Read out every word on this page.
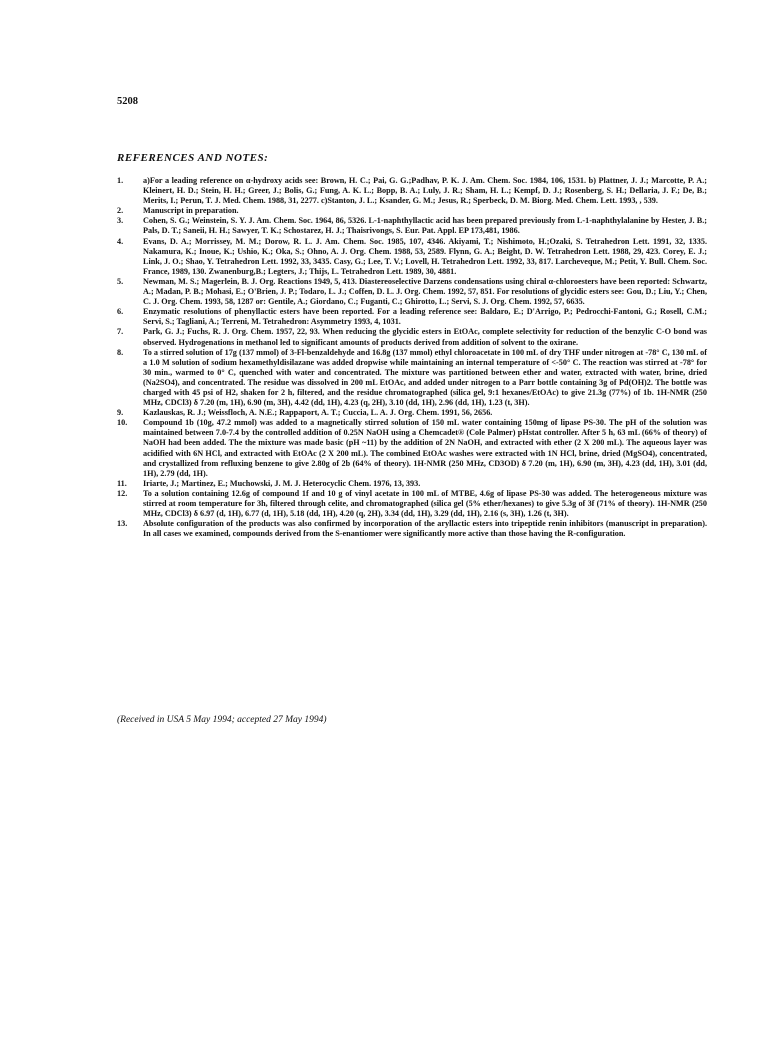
5208
REFERENCES AND NOTES:
1.	a)For a leading reference on α-hydroxy acids see: Brown, H. C.; Pai, G. G.;Padhav, P. K. J. Am. Chem. Soc. 1984, 106, 1531. b) Plattner, J. J.; Marcotte, P. A.; Kleinert, H. D.; Stein, H. H.; Greer, J.; Bolis, G.; Fung, A. K. L.; Bopp, B. A.; Luly, J. R.; Sham, H. L.; Kempf, D. J.; Rosenberg, S. H.; Dellaria, J. F.; De, B.; Merits, I.; Perun, T. J. Med. Chem. 1988, 31, 2277. c)Stanton, J. L.; Ksander, G. M.; Jesus, R.; Sperbeck, D. M. Biorg. Med. Chem. Lett. 1993, , 539.
2.	Manuscript in preparation.
3.	Cohen, S. G.; Weinstein, S. Y. J. Am. Chem. Soc. 1964, 86, 5326. L-1-naphthyllactic acid has been prepared previously from L-1-naphthylalanine by Hester, J. B.; Pals, D. T.; Saneii, H. H.; Sawyer, T. K.; Schostarez, H. J.; Thaisrivongs, S. Eur. Pat. Appl. EP 173,481, 1986.
4.	Evans, D. A.; Morrissey, M. M.; Dorow, R. L. J. Am. Chem. Soc. 1985, 107, 4346. Akiyami, T.; Nishimoto, H.;Ozaki, S. Tetrahedron Lett. 1991, 32, 1335. Nakamura, K.; Inoue, K.; Ushio, K.; Oka, S.; Ohno, A. J. Org. Chem. 1988, 53, 2589. Flynn, G. A.; Beight, D. W. Tetrahedron Lett. 1988, 29, 423. Corey, E. J.; Link, J. O.; Shao, Y. Tetrahedron Lett. 1992, 33, 3435. Casy, G.; Lee, T. V.; Lovell, H. Tetrahedron Lett. 1992, 33, 817. Larcheveque, M.; Petit, Y. Bull. Chem. Soc. France, 1989, 130. Zwanenburg,B.; Legters, J.; Thijs, L. Tetrahedron Lett. 1989, 30, 4881.
5.	Newman, M. S.; Magerlein, B. J. Org. Reactions 1949, 5, 413. Diastereoselective Darzens condensations using chiral α-chloroesters have been reported: Schwartz, A.; Madan, P. B.; Mohasi, E.; O'Brien, J. P.; Todaro, L. J.; Coffen, D. L. J. Org. Chem. 1992, 57, 851. For resolutions of glycidic esters see: Gou, D.; Liu, Y.; Chen, C. J. Org. Chem. 1993, 58, 1287 or: Gentile, A.; Giordano, C.; Fuganti, C.; Ghirotto, L.; Servi, S. J. Org. Chem. 1992, 57, 6635.
6.	Enzymatic resolutions of phenyllactic esters have been reported. For a leading reference see: Baldaro, E.; D'Arrigo, P.; Pedrocchi-Fantoni, G.; Rosell, C.M.; Servi, S.; Tagliani, A.; Terreni, M. Tetrahedron: Asymmetry 1993, 4, 1031.
7.	Park, G. J.; Fuchs, R. J. Org. Chem. 1957, 22, 93. When reducing the glycidic esters in EtOAc, complete selectivity for reduction of the benzylic C-O bond was observed. Hydrogenations in methanol led to significant amounts of products derived from addition of solvent to the oxirane.
8.	To a stirred solution of 17g (137 mmol) of 3-Fl-benzaldehyde and 16.8g (137 mmol) ethyl chloroacetate in 100 mL of dry THF under nitrogen at -78° C, 130 mL of a 1.0 M solution of sodium hexamethyldisilazane was added dropwise while maintaining an internal temperature of <-50° C. The reaction was stirred at -78° for 30 min., warmed to 0° C, quenched with water and concentrated. The mixture was partitioned between ether and water, extracted with water, brine, dried (Na2SO4), and concentrated. The residue was dissolved in 200 mL EtOAc, and added under nitrogen to a Parr bottle containing 3g of Pd(OH)2. The bottle was charged with 45 psi of H2, shaken for 2 h, filtered, and the residue chromatographed (silica gel, 9:1 hexanes/EtOAc) to give 21.3g (77%) of 1b. 1H-NMR (250 MHz, CDCl3) δ 7.20 (m, 1H), 6.90 (m, 3H), 4.42 (dd, 1H), 4.23 (q, 2H), 3.10 (dd, 1H), 2.96 (dd, 1H), 1.23 (t, 3H).
9.	Kazlauskas, R. J.; Weissfloch, A. N.E.; Rappaport, A. T.; Cuccia, L. A. J. Org. Chem. 1991, 56, 2656.
10.	Compound 1b (10g, 47.2 mmol) was added to a magnetically stirred solution of 150 mL water containing 150mg of lipase PS-30. The pH of the solution was maintained between 7.0-7.4 by the controlled addition of 0.25N NaOH using a Chemcadet® (Cole Palmer) pHstat controller. After 5 h, 63 mL (66% of theory) of NaOH had been added. The the mixture was made basic (pH ~11) by the addition of 2N NaOH, and extracted with ether (2 X 200 mL). The aqueous layer was acidified with 6N HCl, and extracted with EtOAc (2 X 200 mL). The combined EtOAc washes were extracted with 1N HCl, brine, dried (MgSO4), concentrated, and crystallized from refluxing benzene to give 2.80g of 2b (64% of theory). 1H-NMR (250 MHz, CD3OD) δ 7.20 (m, 1H), 6.90 (m, 3H), 4.23 (dd, 1H), 3.01 (dd, 1H), 2.79 (dd, 1H).
11.	Iriarte, J.; Martinez, E.; Muchowski, J. M. J. Heterocyclic Chem. 1976, 13, 393.
12.	To a solution containing 12.6g of compound 1f and 10 g of vinyl acetate in 100 mL of MTBE, 4.6g of lipase PS-30 was added. The heterogeneous mixture was stirred at room temperature for 3h, filtered through celite, and chromatographed (silica gel (5% ether/hexanes) to give 5.3g of 3f (71% of theory). 1H-NMR (250 MHz, CDCl3) δ 6.97 (d, 1H), 6.77 (d, 1H), 5.18 (dd, 1H), 4.20 (q, 2H), 3.34 (dd, 1H), 3.29 (dd, 1H), 2.16 (s, 3H), 1.26 (t, 3H).
13.	Absolute configuration of the products was also confirmed by incorporation of the aryllactic esters into tripeptide renin inhibitors (manuscript in preparation). In all cases we examined, compounds derived from the S-enantiomer were significantly more active than those having the R-configuration.
(Received in USA 5 May 1994; accepted 27 May 1994)
